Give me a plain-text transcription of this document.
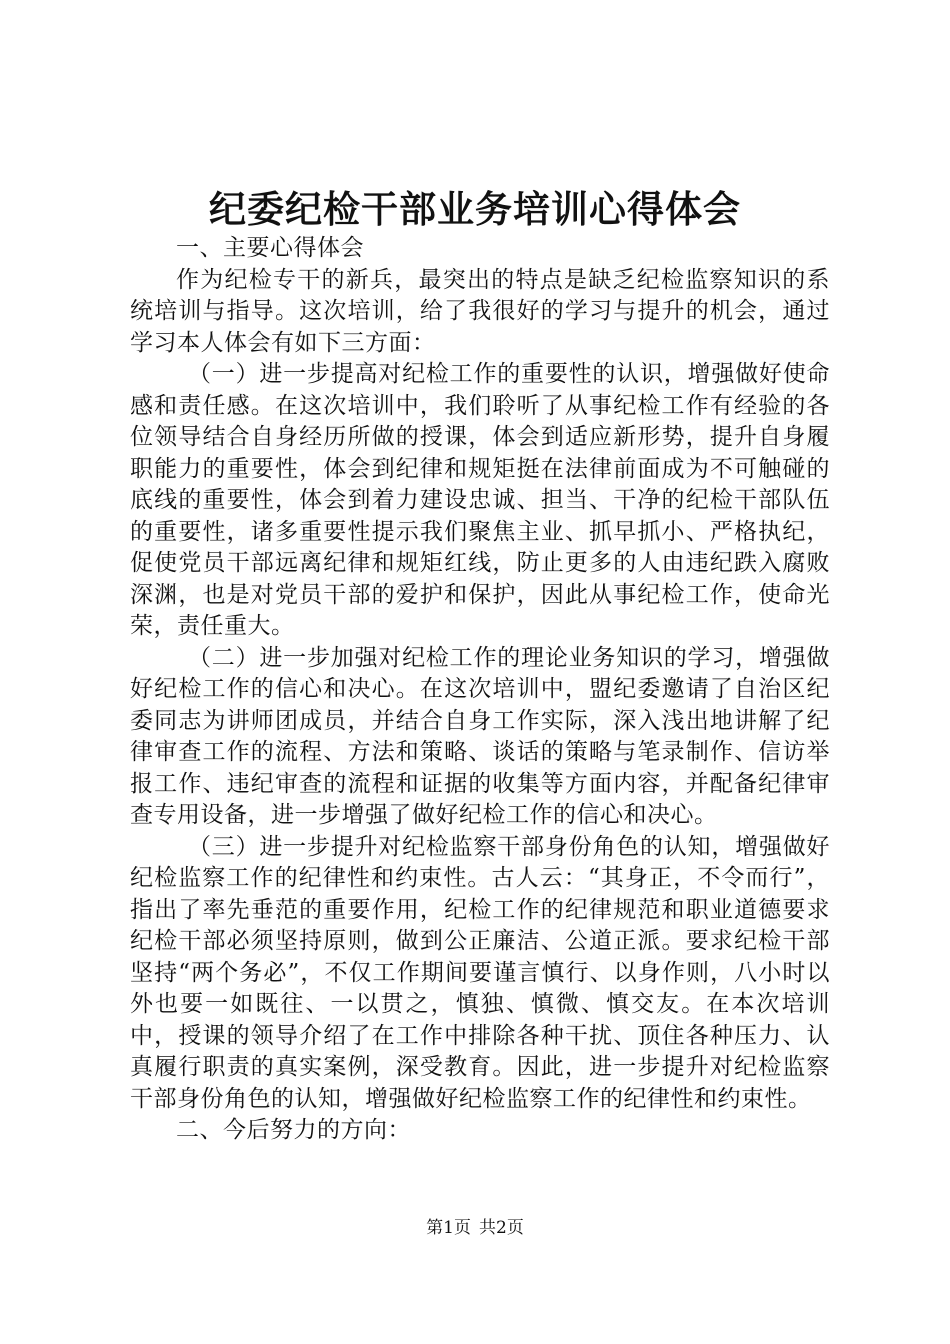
纪委纪检干部业务培训心得体会

一、主要心得体会

作为纪检专干的新兵，最突出的特点是缺乏纪检监察知识的系统培训与指导。这次培训，给了我很好的学习与提升的机会，通过学习本人体会有如下三方面：

（一）进一步提高对纪检工作的重要性的认识，增强做好使命感和责任感。在这次培训中，我们聆听了从事纪检工作有经验的各位领导结合自身经历所做的授课，体会到适应新形势，提升自身履职能力的重要性，体会到纪律和规矩挺在法律前面成为不可触碰的底线的重要性，体会到着力建设忠诚、担当、干净的纪检干部队伍的重要性，诸多重要性提示我们聚焦主业、抓早抓小、严格执纪，促使党员干部远离纪律和规矩红线，防止更多的人由违纪跌入腐败深渊，也是对党员干部的爱护和保护，因此从事纪检工作，使命光荣，责任重大。

（二）进一步加强对纪检工作的理论业务知识的学习，增强做好纪检工作的信心和决心。在这次培训中，盟纪委邀请了自治区纪委同志为讲师团成员，并结合自身工作实际，深入浅出地讲解了纪律审查工作的流程、方法和策略、谈话的策略与笔录制作、信访举报工作、违纪审查的流程和证据的收集等方面内容，并配备纪律审查专用设备，进一步增强了做好纪检工作的信心和决心。

（三）进一步提升对纪检监察干部身份角色的认知，增强做好纪检监察工作的纪律性和约束性。古人云：“其身正，不令而行”，指出了率先垂范的重要作用，纪检工作的纪律规范和职业道德要求纪检干部必须坚持原则，做到公正廉洁、公道正派。要求纪检干部坚持“两个务必”，不仅工作期间要谨言慎行、以身作则，八小时以外也要一如既往、一以贯之，慎独、慎微、慎交友。在本次培训中，授课的领导介绍了在工作中排除各种干扰、顶住各种压力、认真履行职责的真实案例，深受教育。因此，进一步提升对纪检监察干部身份角色的认知，增强做好纪检监察工作的纪律性和约束性。

二、今后努力的方向：

第1页 共2页
